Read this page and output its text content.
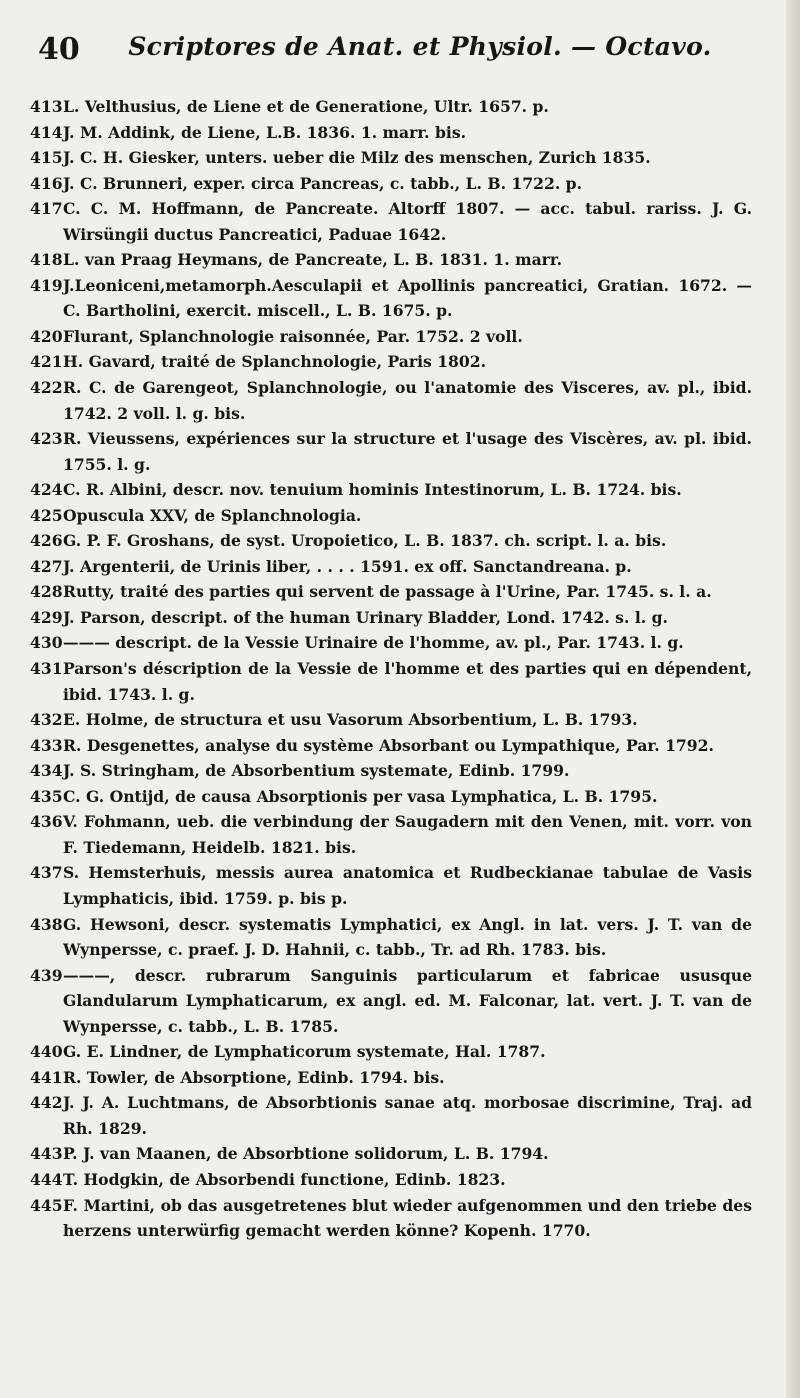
40	Scriptores de Anat. et Physiol. — Octavo.
413 L. Velthusius, de Liene et de Generatione, Ultr. 1657. p.
414 J. M. Addink, de Liene, L.B. 1836. 1. marr. bis.
415 J. C. H. Giesker, unters. ueber die Milz des menschen, Zurich 1835.
416 J. C. Brunneri, exper. circa Pancreas, c. tabb., L. B. 1722. p.
417 C. C. M. Hoffmann, de Pancreate. Altorff 1807. — acc. tabul. rariss. J. G. Wirsüngii ductus Pancreatici, Paduae 1642.
418 L. van Praag Heymans, de Pancreate, L. B. 1831. 1. marr.
419 J.Leoniceni,metamorph.Aesculapii et Apollinis pancreatici, Gratian. 1672. — C. Bartholini, exercit. miscell., L. B. 1675. p.
420 Flurant, Splanchnologie raisonnée, Par. 1752. 2 voll.
421 H. Gavard, traité de Splanchnologie, Paris 1802.
422 R. C. de Garengeot, Splanchnologie, ou l'anatomie des Visceres, av. pl., ibid. 1742. 2 voll. l. g. bis.
423 R. Vieussens, expériences sur la structure et l'usage des Viscères, av. pl. ibid. 1755. l. g.
424 C. R. Albini, descr. nov. tenuium hominis Intestinorum, L. B. 1724. bis.
425 Opuscula XXV, de Splanchnologia.
426 G. P. F. Groshans, de syst. Uropoietico, L. B. 1837. ch. script. l. a. bis.
427 J. Argenterii, de Urinis liber, . . . . 1591. ex off. Sanctandreana. p.
428 Rutty, traité des parties qui servent de passage à l'Urine, Par. 1745. s. l. a.
429 J. Parson, descript. of the human Urinary Bladder, Lond. 1742. s. l. g.
430 ——— descript. de la Vessie Urinaire de l'homme, av. pl., Par. 1743. l. g.
431 Parson's déscription de la Vessie de l'homme et des parties qui en dépendent, ibid. 1743. l. g.
432 E. Holme, de structura et usu Vasorum Absorbentium, L. B. 1793.
433 R. Desgenettes, analyse du système Absorbant ou Lympathique, Par. 1792.
434 J. S. Stringham, de Absorbentium systemate, Edinb. 1799.
435 C. G. Ontijd, de causa Absorptionis per vasa Lymphatica, L. B. 1795.
436 V. Fohmann, ueb. die verbindung der Saugadern mit den Venen, mit. vorr. von F. Tiedemann, Heidelb. 1821. bis.
437 S. Hemsterhuis, messis aurea anatomica et Rudbeckianae tabulae de Vasis Lymphaticis, ibid. 1759. p. bis p.
438 G. Hewsoni, descr. systematis Lymphatici, ex Angl. in lat. vers. J. T. van de Wynpersse, c. praef. J. D. Hahnii, c. tabb., Tr. ad Rh. 1783. bis.
439 ———, descr. rubrarum Sanguinis particularum et fabricae ususque Glandularum Lymphaticarum, ex angl. ed. M. Falconar, lat. vert. J. T. van de Wynpersse, c. tabb., L. B. 1785.
440 G. E. Lindner, de Lymphaticorum systemate, Hal. 1787.
441 R. Towler, de Absorptione, Edinb. 1794. bis.
442 J. J. A. Luchtmans, de Absorbtionis sanae atq. morbosae discrimine, Traj. ad Rh. 1829.
443 P. J. van Maanen, de Absorbtione solidorum, L. B. 1794.
444 T. Hodgkin, de Absorbendi functione, Edinb. 1823.
445 F. Martini, ob das ausgetretenes blut wieder aufgenommen und den triebe des herzens unterwürfig gemacht werden könne? Kopenh. 1770.
